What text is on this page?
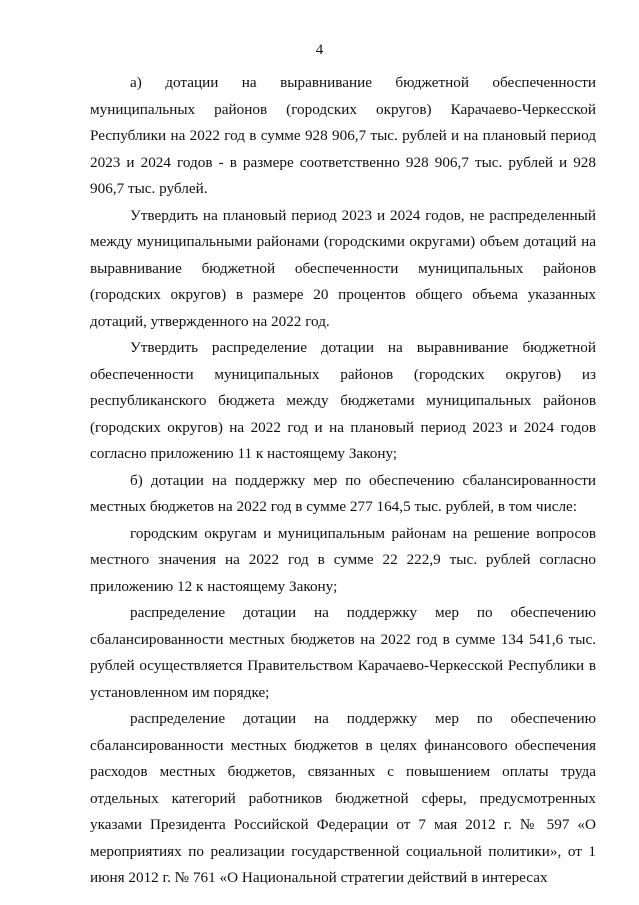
4

а) дотации на выравнивание бюджетной обеспеченности муниципальных районов (городских округов) Карачаево-Черкесской Республики на 2022 год в сумме 928 906,7 тыс. рублей и на плановый период 2023 и 2024 годов - в размере соответственно 928 906,7 тыс. рублей и 928 906,7 тыс. рублей.

Утвердить на плановый период 2023 и 2024 годов, не распределенный между муниципальными районами (городскими округами) объем дотаций на выравнивание бюджетной обеспеченности муниципальных районов (городских округов) в размере 20 процентов общего объема указанных дотаций, утвержденного на 2022 год.

Утвердить распределение дотации на выравнивание бюджетной обеспеченности муниципальных районов (городских округов) из республиканского бюджета между бюджетами муниципальных районов (городских округов) на 2022 год и на плановый период 2023 и 2024 годов согласно приложению 11 к настоящему Закону;

б) дотации на поддержку мер по обеспечению сбалансированности местных бюджетов на 2022 год в сумме 277 164,5 тыс. рублей, в том числе:

городским округам и муниципальным районам на решение вопросов местного значения на 2022 год в сумме 22 222,9 тыс. рублей согласно приложению 12 к настоящему Закону;

распределение дотации на поддержку мер по обеспечению сбалансированности местных бюджетов на 2022 год в сумме 134 541,6 тыс. рублей осуществляется Правительством Карачаево-Черкесской Республики в установленном им порядке;

распределение дотации на поддержку мер по обеспечению сбалансированности местных бюджетов в целях финансового обеспечения расходов местных бюджетов, связанных с повышением оплаты труда отдельных категорий работников бюджетной сферы, предусмотренных указами Президента Российской Федерации от 7 мая 2012 г. № 597 «О мероприятиях по реализации государственной социальной политики», от 1 июня 2012 г. № 761 «О Национальной стратегии действий в интересах
